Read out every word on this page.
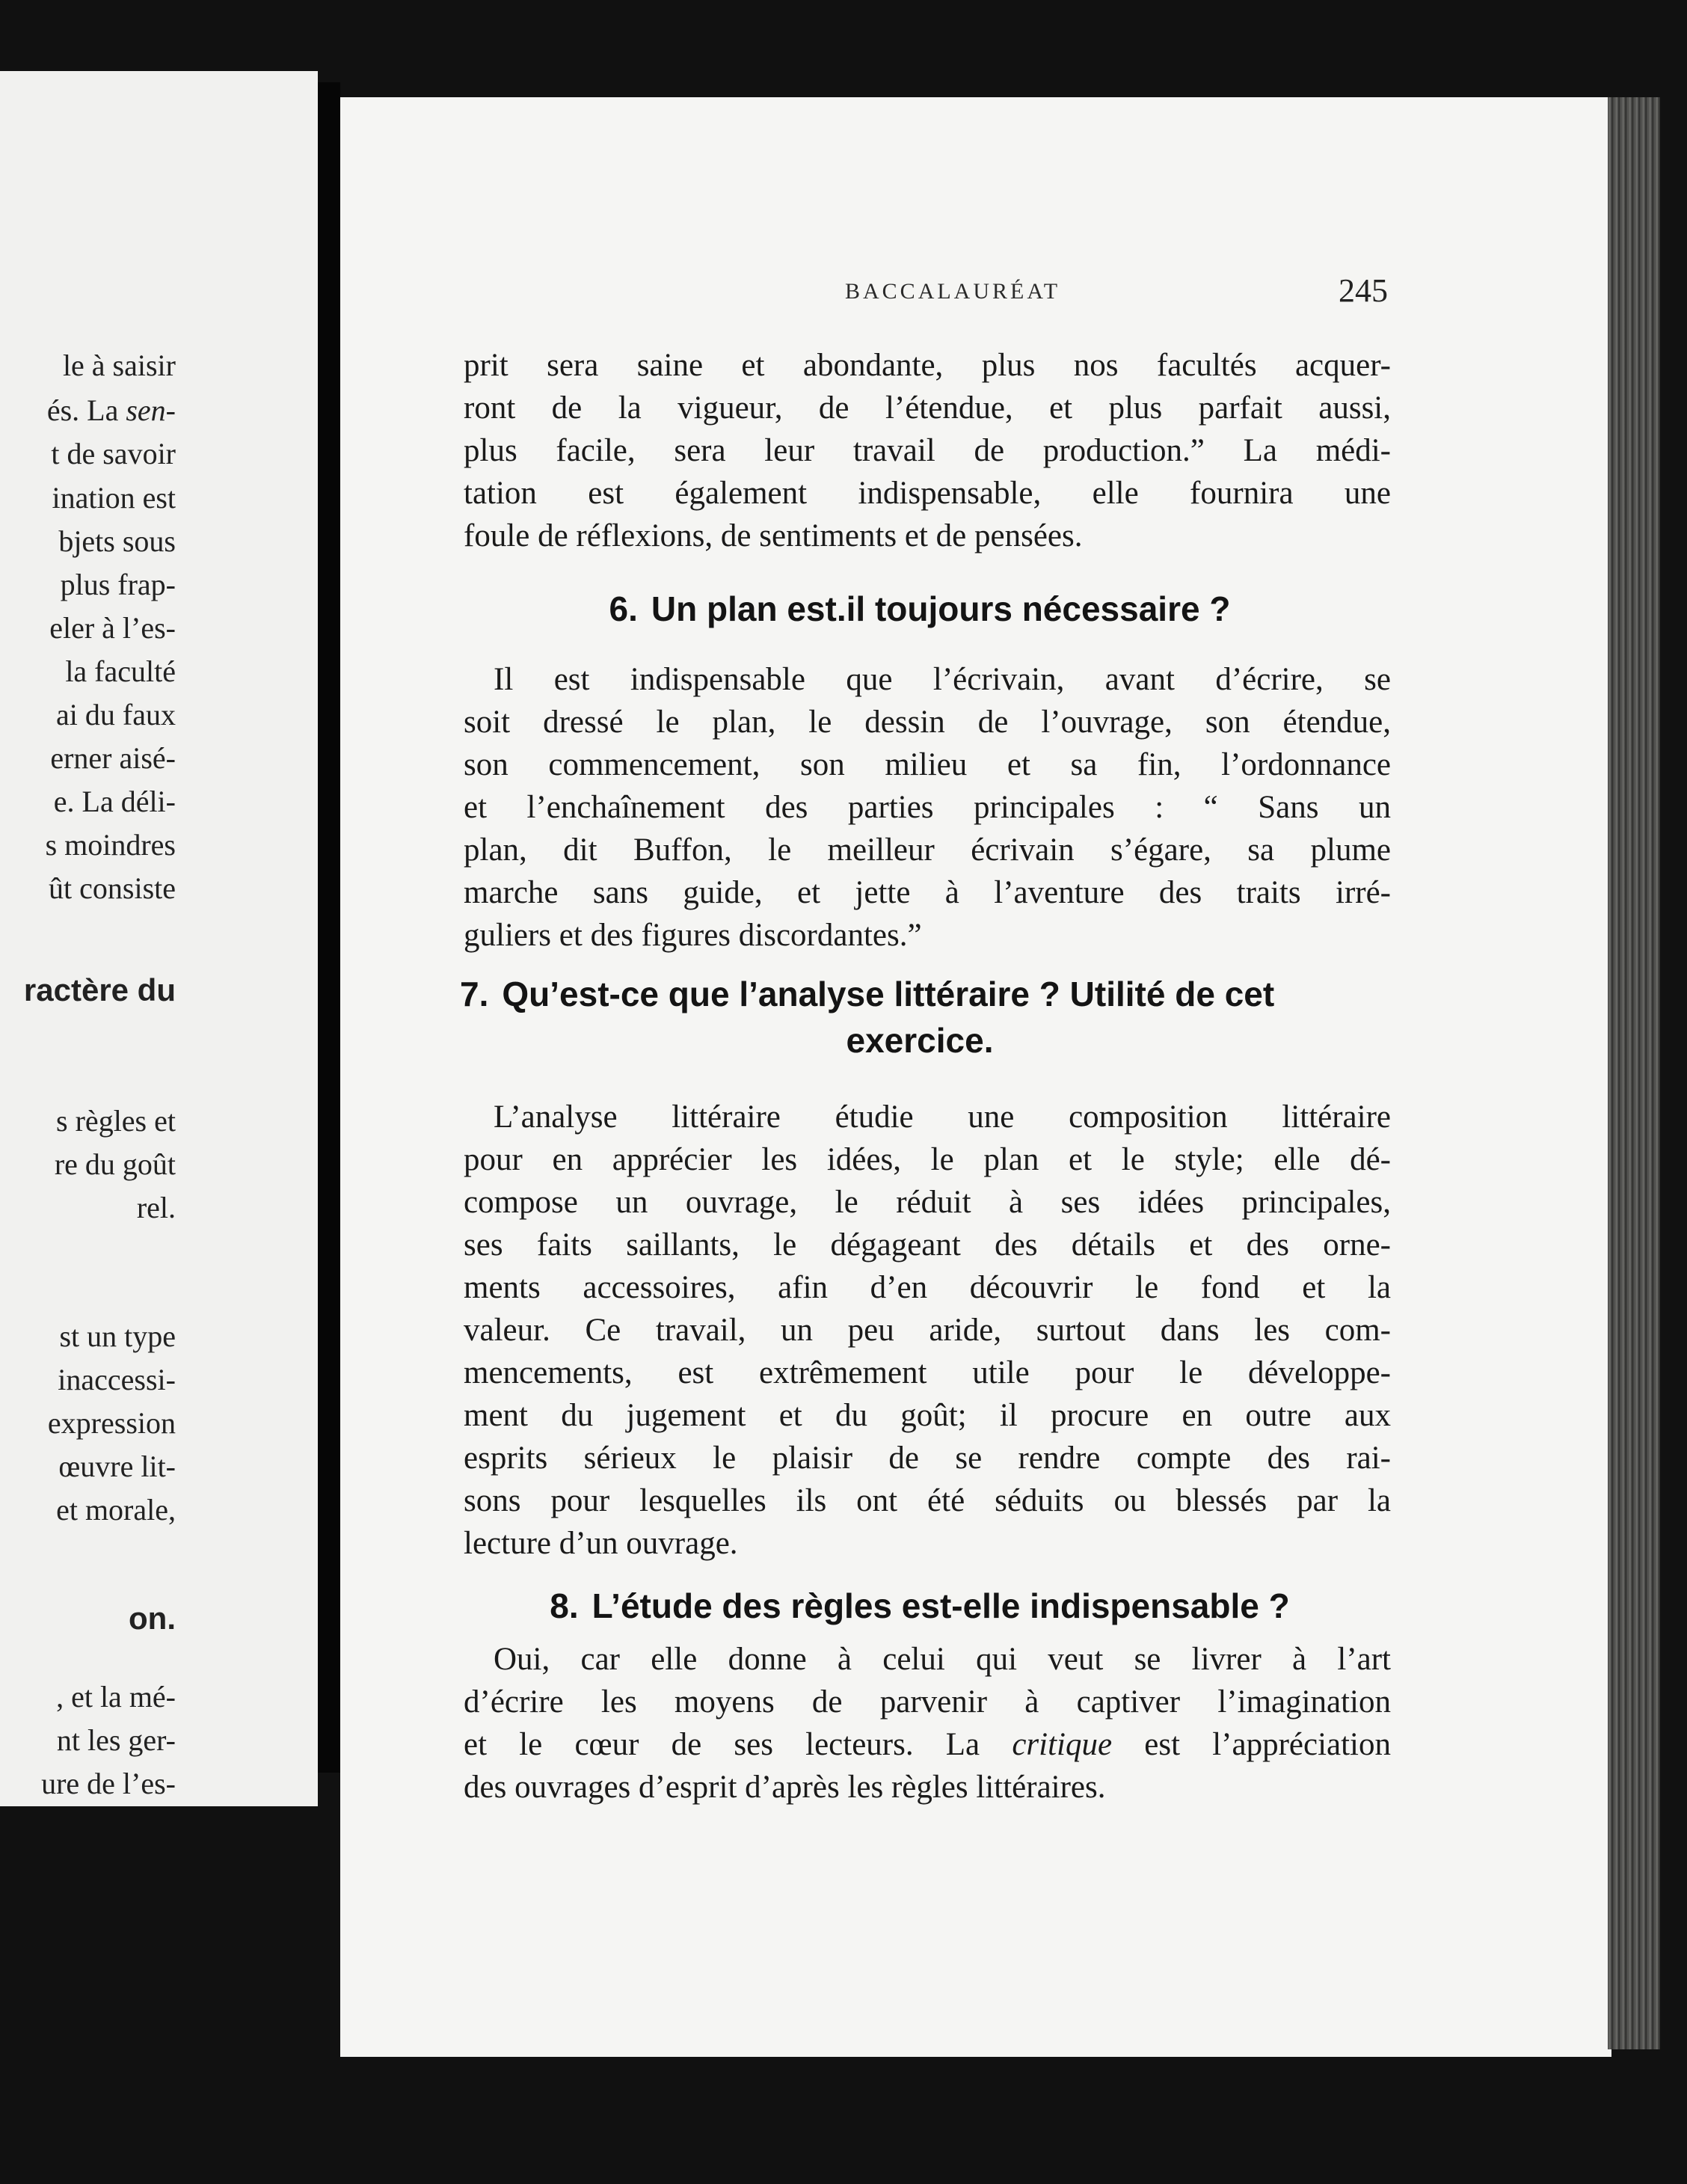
le à saisir
és. La sen-
t de savoir
ination est
bjets sous
plus frap-
eler à l’es-
la faculté
ai du faux
erner aisé-
e. La déli-
s moindres
ût consiste
ractère du
s règles et
re du goût
rel.
st un type
inaccessi-
expression
œuvre lit-
et morale,
on.
, et la mé-
nt les ger-
ure de l’es-
BACCALAURÉAT	245
prit sera saine et abondante, plus nos facultés acquer-
ront de la vigueur, de l’étendue, et plus parfait aussi,
plus facile, sera leur travail de production.” La médi-
tation est également indispensable, elle fournira une
foule de réflexions, de sentiments et de pensées.
6. Un plan est.il toujours nécessaire ?
Il est indispensable que l’écrivain, avant d’écrire, se
soit dressé le plan, le dessin de l’ouvrage, son étendue,
son commencement, son milieu et sa fin, l’ordonnance
et l’enchaînement des parties principales : “ Sans un
plan, dit Buffon, le meilleur écrivain s’égare, sa plume
marche sans guide, et jette à l’aventure des traits irré-
guliers et des figures discordantes.”
7. Qu’est-ce que l’analyse littéraire ? Utilité de cet
exercice.
L’analyse littéraire étudie une composition littéraire
pour en apprécier les idées, le plan et le style; elle dé-
compose un ouvrage, le réduit à ses idées principales,
ses faits saillants, le dégageant des détails et des orne-
ments accessoires, afin d’en découvrir le fond et la
valeur. Ce travail, un peu aride, surtout dans les com-
mencements, est extrêmement utile pour le développe-
ment du jugement et du goût; il procure en outre aux
esprits sérieux le plaisir de se rendre compte des rai-
sons pour lesquelles ils ont été séduits ou blessés par la
lecture d’un ouvrage.
8. L’étude des règles est-elle indispensable ?
Oui, car elle donne à celui qui veut se livrer à l’art
d’écrire les moyens de parvenir à captiver l’imagination
et le cœur de ses lecteurs. La critique est l’appréciation
des ouvrages d’esprit d’après les règles littéraires.
